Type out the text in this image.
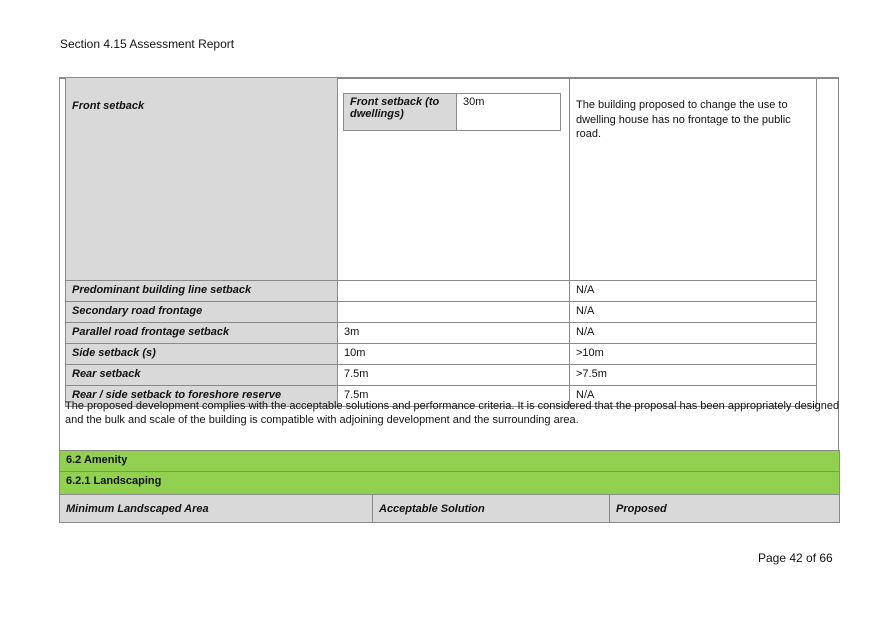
Section 4.15 Assessment Report
Front setback		Front setback (to dwellings)	30m
		The building proposed to change the use to dwelling house has no frontage to the public road.
Predominant building line setback		N/A
Secondary road frontage		N/A
Parallel road frontage setback	3m	N/A
Side setback (s)	10m	>10m
Rear setback	7.5m	>7.5m
Rear / side setback to foreshore reserve	7.5m	N/A
The proposed development complies with the acceptable solutions and performance criteria. It is considered that the proposal has been appropriately designed and the bulk and scale of the building is compatible with adjoining development and the surrounding area.
6.2 Amenity
6.2.1 Landscaping
Minimum Landscaped Area	Acceptable Solution	Proposed
Page 42 of 66
